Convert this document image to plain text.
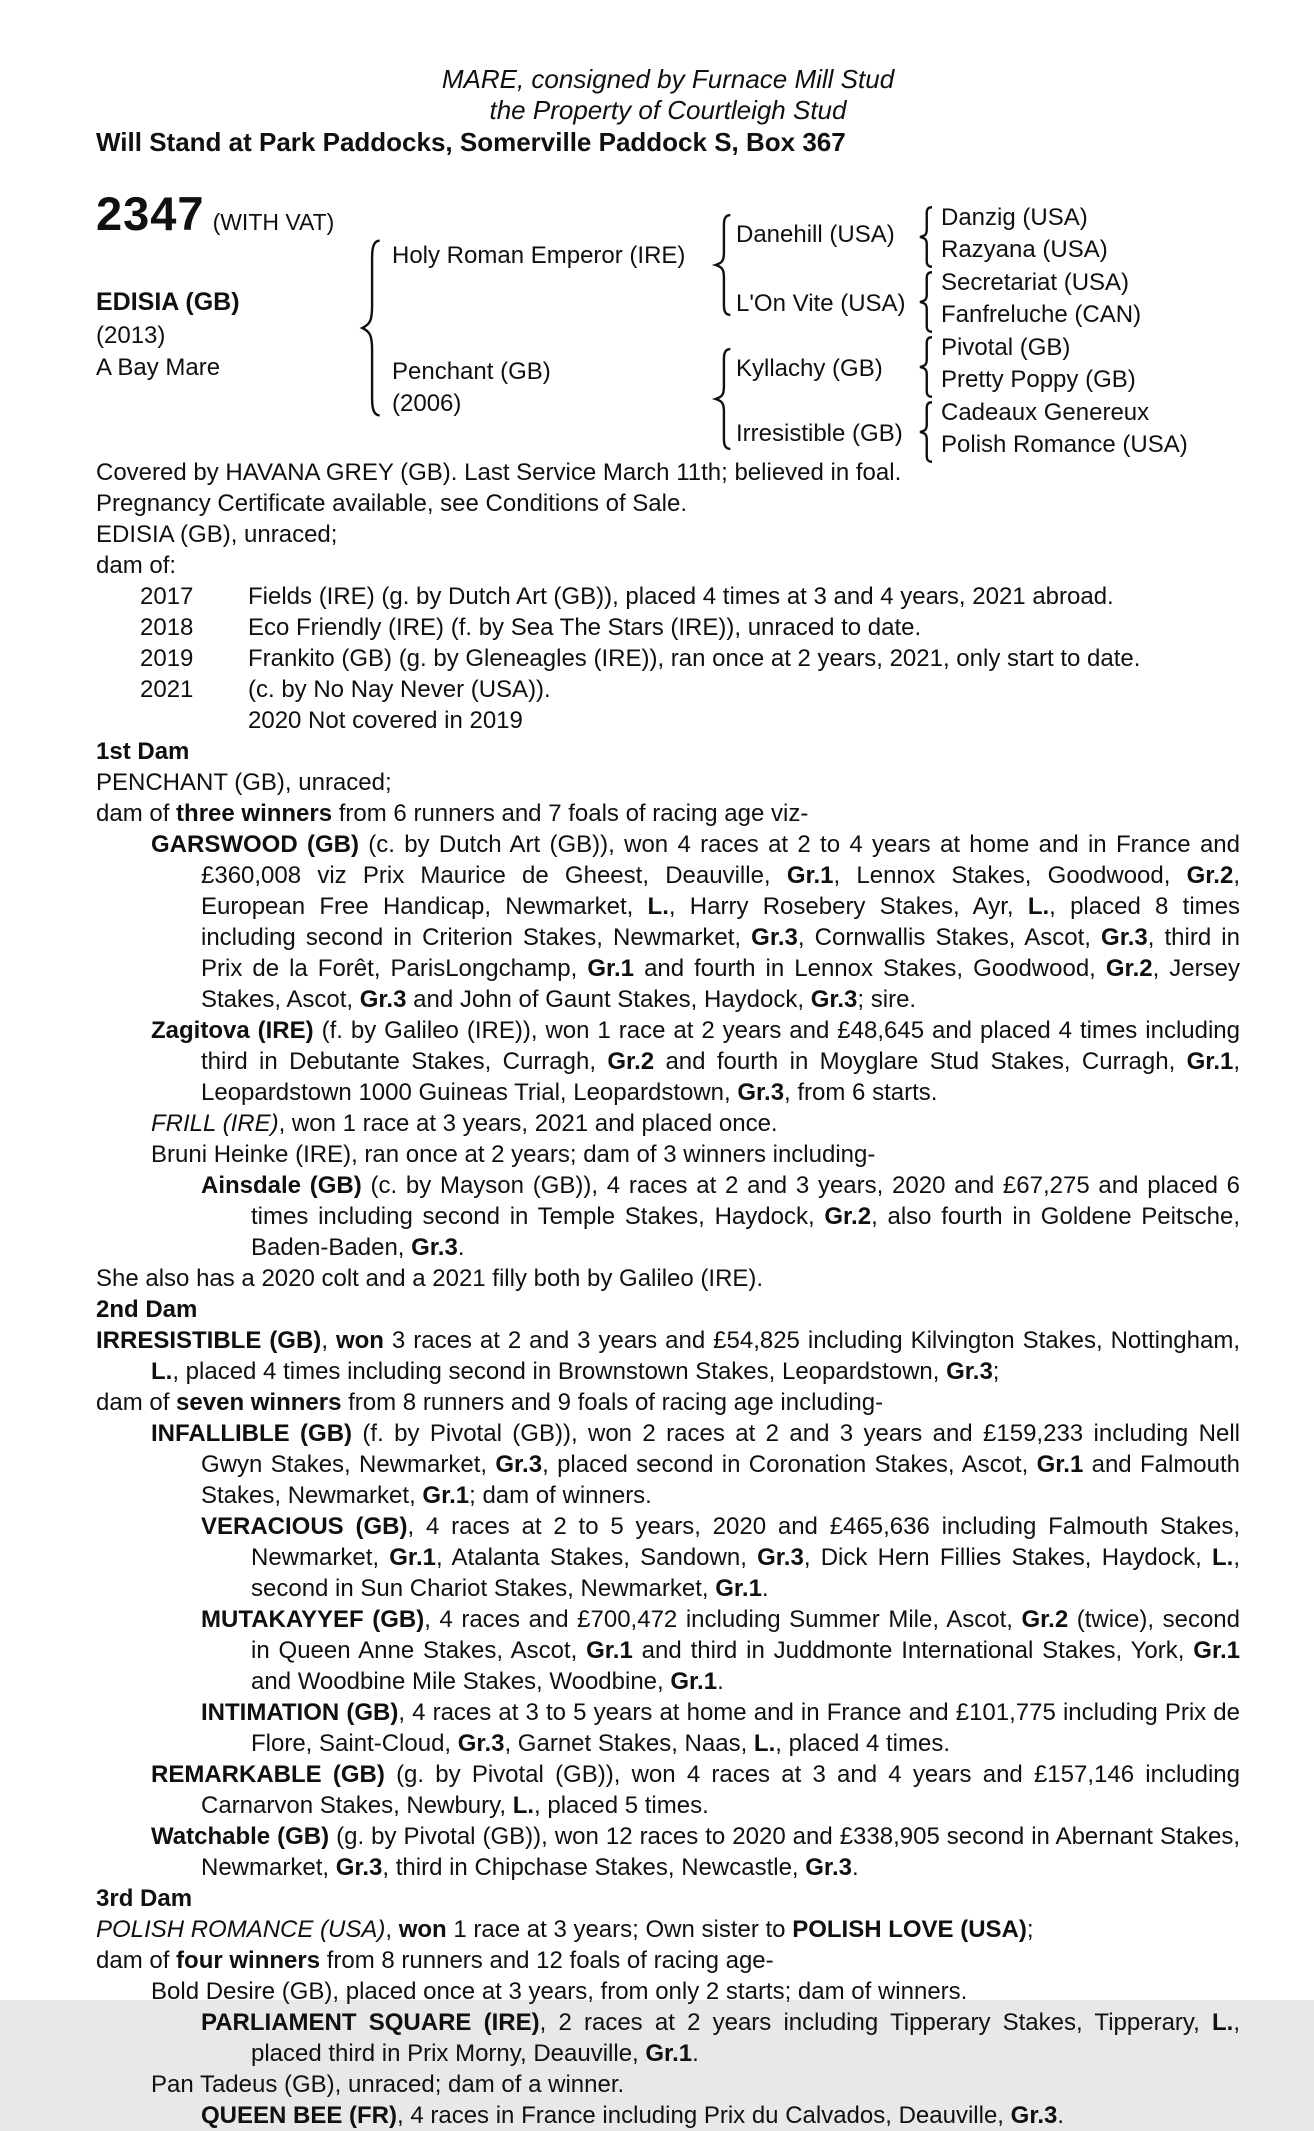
MARE, consigned by Furnace Mill Stud
the Property of Courtleigh Stud
Will Stand at Park Paddocks, Somerville Paddock S, Box 367
2347 (WITH VAT)
EDISIA (GB)
(2013)
A Bay Mare
Holy Roman Emperor (IRE)
Penchant (GB)
(2006)
Danehill (USA)
L'On Vite (USA)
Kyllachy (GB)
Irresistible (GB)
Danzig (USA)
Razyana (USA)
Secretariat (USA)
Fanfreluche (CAN)
Pivotal (GB)
Pretty Poppy (GB)
Cadeaux Genereux
Polish Romance (USA)

Covered by HAVANA GREY (GB). Last Service March 11th; believed in foal.

Pregnancy Certificate available, see Conditions of Sale.

EDISIA (GB), unraced;

dam of:

2017 Fields (IRE) (g. by Dutch Art (GB)), placed 4 times at 3 and 4 years, 2021 abroad.

2018 Eco Friendly (IRE) (f. by Sea The Stars (IRE)), unraced to date.

2019 Frankito (GB) (g. by Gleneagles (IRE)), ran once at 2 years, 2021, only start to date.

2021 (c. by No Nay Never (USA)).

2020 Not covered in 2019

1st Dam

PENCHANT (GB), unraced;

dam of three winners from 6 runners and 7 foals of racing age viz-

GARSWOOD (GB) (c. by Dutch Art (GB)), won 4 races at 2 to 4 years at home and in France and £360,008 viz Prix Maurice de Gheest, Deauville, Gr.1, Lennox Stakes, Goodwood, Gr.2, European Free Handicap, Newmarket, L., Harry Rosebery Stakes, Ayr, L., placed 8 times including second in Criterion Stakes, Newmarket, Gr.3, Cornwallis Stakes, Ascot, Gr.3, third in Prix de la Forêt, ParisLongchamp, Gr.1 and fourth in Lennox Stakes, Goodwood, Gr.2, Jersey Stakes, Ascot, Gr.3 and John of Gaunt Stakes, Haydock, Gr.3; sire.

Zagitova (IRE) (f. by Galileo (IRE)), won 1 race at 2 years and £48,645 and placed 4 times including third in Debutante Stakes, Curragh, Gr.2 and fourth in Moyglare Stud Stakes, Curragh, Gr.1, Leopardstown 1000 Guineas Trial, Leopardstown, Gr.3, from 6 starts.

FRILL (IRE), won 1 race at 3 years, 2021 and placed once.

Bruni Heinke (IRE), ran once at 2 years; dam of 3 winners including-

Ainsdale (GB) (c. by Mayson (GB)), 4 races at 2 and 3 years, 2020 and £67,275 and placed 6 times including second in Temple Stakes, Haydock, Gr.2, also fourth in Goldene Peitsche, Baden-Baden, Gr.3.

She also has a 2020 colt and a 2021 filly both by Galileo (IRE).

2nd Dam

IRRESISTIBLE (GB), won 3 races at 2 and 3 years and £54,825 including Kilvington Stakes, Nottingham, L., placed 4 times including second in Brownstown Stakes, Leopardstown, Gr.3;

dam of seven winners from 8 runners and 9 foals of racing age including-

INFALLIBLE (GB) (f. by Pivotal (GB)), won 2 races at 2 and 3 years and £159,233 including Nell Gwyn Stakes, Newmarket, Gr.3, placed second in Coronation Stakes, Ascot, Gr.1 and Falmouth Stakes, Newmarket, Gr.1; dam of winners.

VERACIOUS (GB), 4 races at 2 to 5 years, 2020 and £465,636 including Falmouth Stakes, Newmarket, Gr.1, Atalanta Stakes, Sandown, Gr.3, Dick Hern Fillies Stakes, Haydock, L., second in Sun Chariot Stakes, Newmarket, Gr.1.

MUTAKAYYEF (GB), 4 races and £700,472 including Summer Mile, Ascot, Gr.2 (twice), second in Queen Anne Stakes, Ascot, Gr.1 and third in Juddmonte International Stakes, York, Gr.1 and Woodbine Mile Stakes, Woodbine, Gr.1.

INTIMATION (GB), 4 races at 3 to 5 years at home and in France and £101,775 including Prix de Flore, Saint-Cloud, Gr.3, Garnet Stakes, Naas, L., placed 4 times.

REMARKABLE (GB) (g. by Pivotal (GB)), won 4 races at 3 and 4 years and £157,146 including Carnarvon Stakes, Newbury, L., placed 5 times.

Watchable (GB) (g. by Pivotal (GB)), won 12 races to 2020 and £338,905 second in Abernant Stakes, Newmarket, Gr.3, third in Chipchase Stakes, Newcastle, Gr.3.

3rd Dam

POLISH ROMANCE (USA), won 1 race at 3 years; Own sister to POLISH LOVE (USA);

dam of four winners from 8 runners and 12 foals of racing age-

Bold Desire (GB), placed once at 3 years, from only 2 starts; dam of winners.

PARLIAMENT SQUARE (IRE), 2 races at 2 years including Tipperary Stakes, Tipperary, L., placed third in Prix Morny, Deauville, Gr.1.

Pan Tadeus (GB), unraced; dam of a winner.

QUEEN BEE (FR), 4 races in France including Prix du Calvados, Deauville, Gr.3.
